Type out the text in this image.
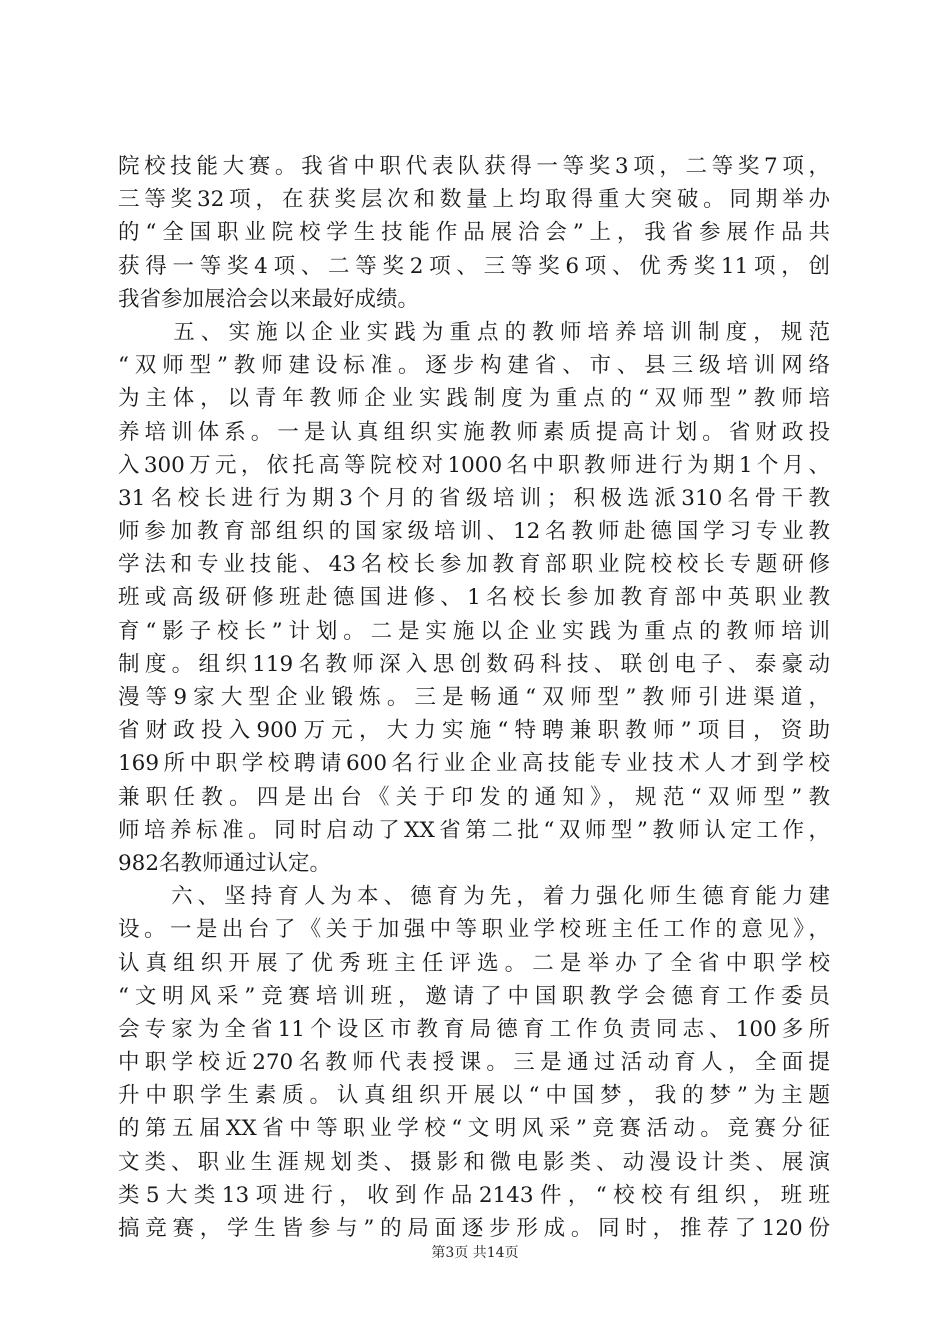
院校技能大赛。我省中职代表队获得一等奖3项，二等奖7项，
三等奖32项，在获奖层次和数量上均取得重大突破。同期举办
的“全国职业院校学生技能作品展洽会”上，我省参展作品共
获得一等奖4项、二等奖2项、三等奖6项、优秀奖11项，创
我省参加展洽会以来最好成绩。
　　五、实施以企业实践为重点的教师培养培训制度，规范
“双师型”教师建设标准。逐步构建省、市、县三级培训网络
为主体，以青年教师企业实践制度为重点的“双师型”教师培
养培训体系。一是认真组织实施教师素质提高计划。省财政投
入300万元，依托高等院校对1000名中职教师进行为期1个月、
31名校长进行为期3个月的省级培训；积极选派310名骨干教
师参加教育部组织的国家级培训、12名教师赴德国学习专业教
学法和专业技能、43名校长参加教育部职业院校校长专题研修
班或高级研修班赴德国进修、1名校长参加教育部中英职业教
育“影子校长”计划。二是实施以企业实践为重点的教师培训
制度。组织119名教师深入思创数码科技、联创电子、泰豪动
漫等9家大型企业锻炼。三是畅通“双师型”教师引进渠道，
省财政投入900万元，大力实施“特聘兼职教师”项目，资助
169所中职学校聘请600名行业企业高技能专业技术人才到学校
兼职任教。四是出台《关于印发的通知》，规范“双师型”教
师培养标准。同时启动了XX省第二批“双师型”教师认定工作，
982名教师通过认定。
　　六、坚持育人为本、德育为先，着力强化师生德育能力建
设。一是出台了《关于加强中等职业学校班主任工作的意见》，
认真组织开展了优秀班主任评选。二是举办了全省中职学校
“文明风采”竞赛培训班，邀请了中国职教学会德育工作委员
会专家为全省11个设区市教育局德育工作负责同志、100多所
中职学校近270名教师代表授课。三是通过活动育人，全面提
升中职学生素质。认真组织开展以“中国梦，我的梦”为主题
的第五届XX省中等职业学校“文明风采”竞赛活动。竞赛分征
文类、职业生涯规划类、摄影和微电影类、动漫设计类、展演
类5大类13项进行，收到作品2143件，“校校有组织，班班
搞竞赛，学生皆参与”的局面逐步形成。同时，推荐了120份
第3页 共14页
